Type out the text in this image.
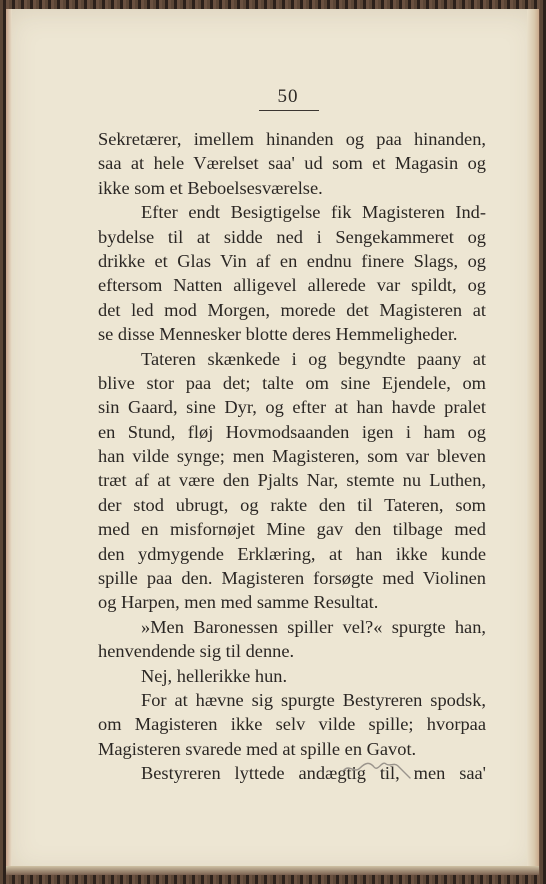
50
Sekretærer, imellem hinanden og paa hinanden,
saa at hele Værelset saa' ud som et Magasin og
ikke som et Beboelsesværelse.
Efter endt Besigtigelse fik Magisteren Ind-
bydelse til at sidde ned i Sengekammeret og
drikke et Glas Vin af en endnu finere Slags, og
eftersom Natten alligevel allerede var spildt, og
det led mod Morgen, morede det Magisteren at
se disse Mennesker blotte deres Hemmeligheder.
Tateren skænkede i og begyndte paany at
blive stor paa det; talte om sine Ejendele, om
sin Gaard, sine Dyr, og efter at han havde pralet
en Stund, fløj Hovmodsaanden igen i ham og
han vilde synge; men Magisteren, som var bleven
træt af at være den Pjalts Nar, stemte nu Luthen,
der stod ubrugt, og rakte den til Tateren, som
med en misfornøjet Mine gav den tilbage med
den ydmygende Erklæring, at han ikke kunde
spille paa den. Magisteren forsøgte med Violinen
og Harpen, men med samme Resultat.
»Men Baronessen spiller vel?« spurgte han,
henvendende sig til denne.
Nej, hellerikke hun.
For at hævne sig spurgte Bestyreren spodsk,
om Magisteren ikke selv vilde spille; hvorpaa
Magisteren svarede med at spille en Gavot.
Bestyreren lyttede andægtig til, men saa'
